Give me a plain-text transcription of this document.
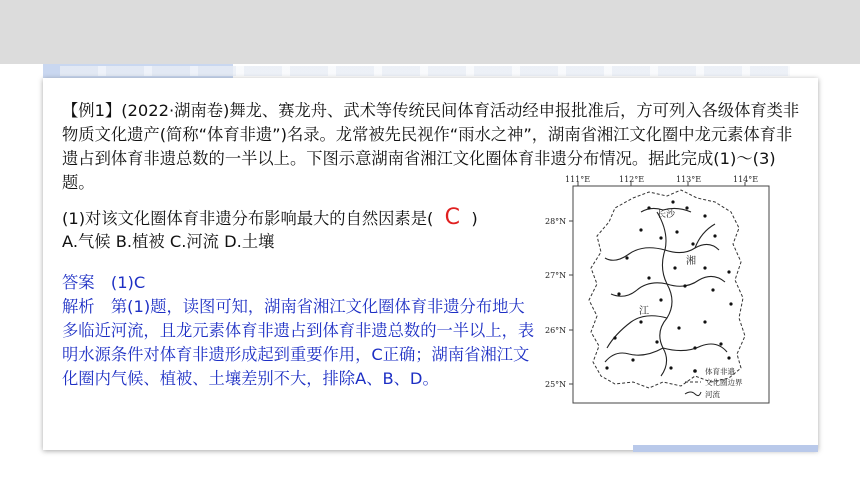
【例1】(2022·湖南卷)舞龙、赛龙舟、武术等传统民间体育活动经申报批准后，方可列入各级体育类非物质文化遗产(简称“体育非遗”)名录。龙常被先民视作“雨水之神”，湖南省湘江文化圈中龙元素体育非遗占到体育非遗总数的一半以上。下图示意湖南省湘江文化圈体育非遗分布情况。据此完成(1)～(3)题。
(1)对该文化圈体育非遗分布影响最大的自然因素是( C )
A.气候 B.植被 C.河流 D.土壤
答案　(1)C
解析　第(1)题，读图可知，湖南省湘江文化圈体育非遗分布地大多临近河流，且龙元素体育非遗占到体育非遗总数的一半以上，表明水源条件对体育非遗形成起到重要作用，C正确；湖南省湘江文化圈内气候、植被、土壤差别不大，排除A、B、D。
111°E	112°E	113°E	114°E
28°N
27°N
26°N
25°N
长沙
湘
江
体育非遗
文化圈边界
河流
